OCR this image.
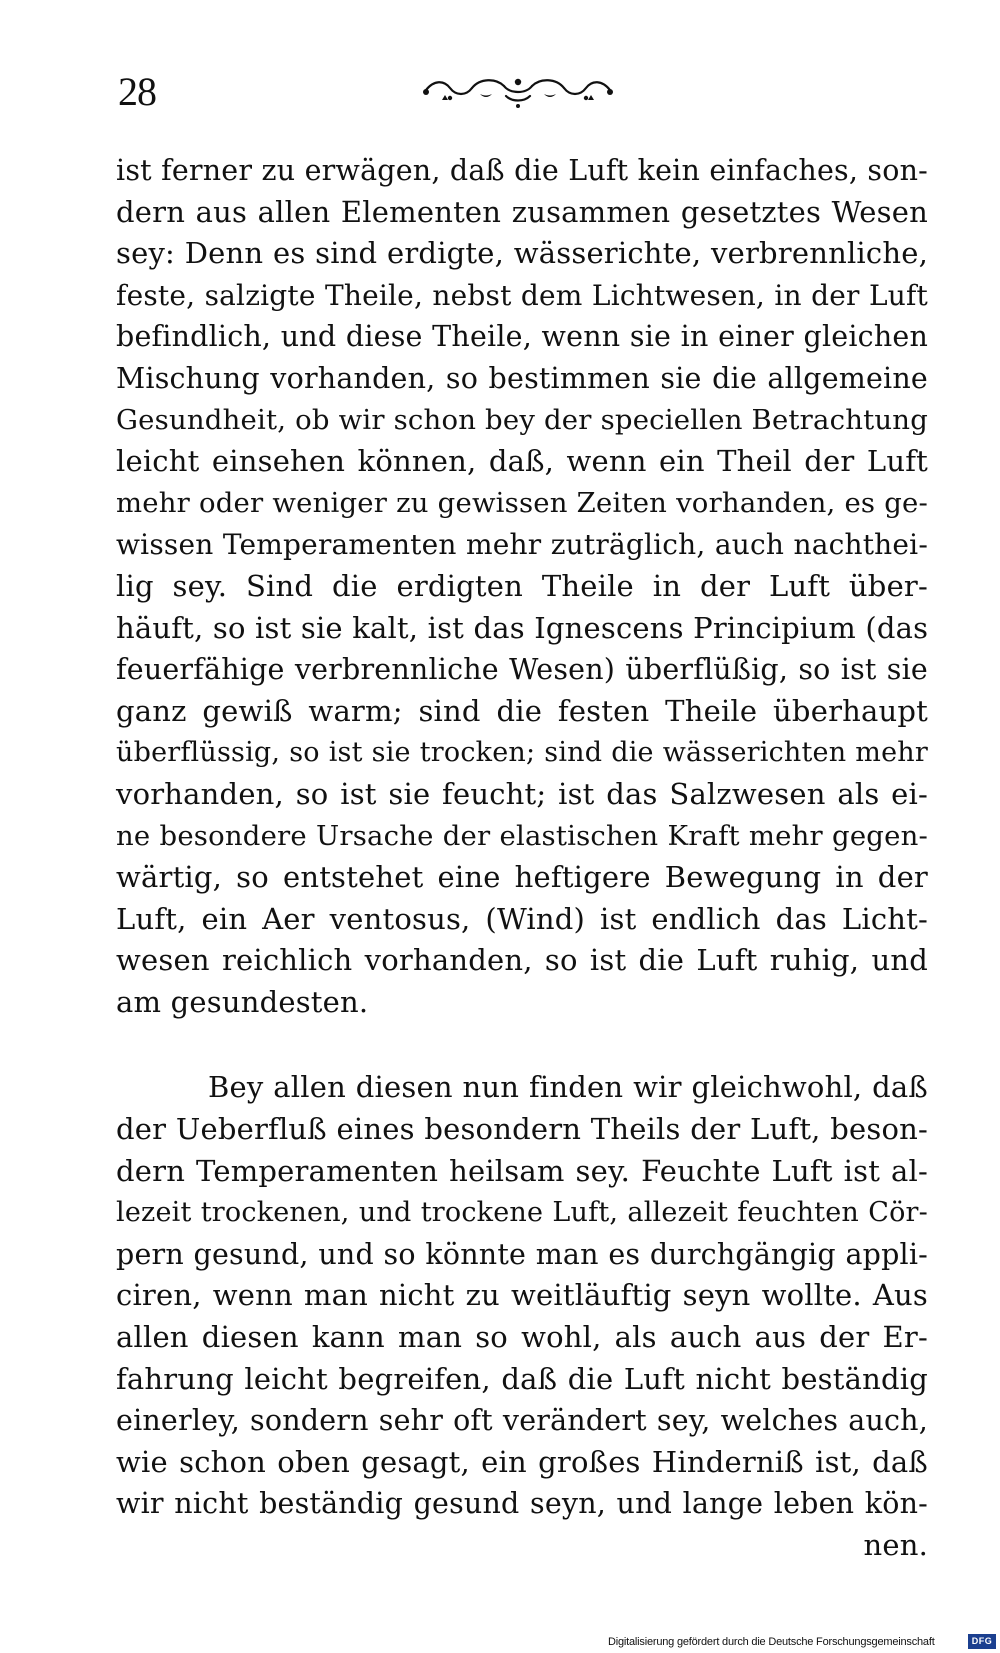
28
ist ferner zu erwägen, daß die Luft kein einfaches, son-
dern aus allen Elementen zusammen gesetztes Wesen
sey: Denn es sind erdigte, wässerichte, verbrennliche,
feste, salzigte Theile, nebst dem Lichtwesen, in der Luft
befindlich, und diese Theile, wenn sie in einer gleichen
Mischung vorhanden, so bestimmen sie die allgemeine
Gesundheit, ob wir schon bey der speciellen Betrachtung
leicht einsehen können, daß, wenn ein Theil der Luft
mehr oder weniger zu gewissen Zeiten vorhanden, es ge-
wissen Temperamenten mehr zuträglich, auch nachthei-
lig sey. Sind die erdigten Theile in der Luft über-
häuft, so ist sie kalt, ist das Ignescens Principium (das
feuerfähige verbrennliche Wesen) überflüßig, so ist sie
ganz gewiß warm; sind die festen Theile überhaupt
überflüssig, so ist sie trocken; sind die wässerichten mehr
vorhanden, so ist sie feucht; ist das Salzwesen als ei-
ne besondere Ursache der elastischen Kraft mehr gegen-
wärtig, so entstehet eine heftigere Bewegung in der
Luft, ein Aer ventosus, (Wind) ist endlich das Licht-
wesen reichlich vorhanden, so ist die Luft ruhig, und
am gesundesten.
Bey allen diesen nun finden wir gleichwohl, daß
der Ueberfluß eines besondern Theils der Luft, beson-
dern Temperamenten heilsam sey. Feuchte Luft ist al-
lezeit trockenen, und trockene Luft, allezeit feuchten Cör-
pern gesund, und so könnte man es durchgängig appli-
ciren, wenn man nicht zu weitläuftig seyn wollte. Aus
allen diesen kann man so wohl, als auch aus der Er-
fahrung leicht begreifen, daß die Luft nicht beständig
einerley, sondern sehr oft verändert sey, welches auch,
wie schon oben gesagt, ein großes Hinderniß ist, daß
wir nicht beständig gesund seyn, und lange leben kön-
nen.
Digitalisierung gefördert durch die Deutsche Forschungsgemeinschaft	DFG
